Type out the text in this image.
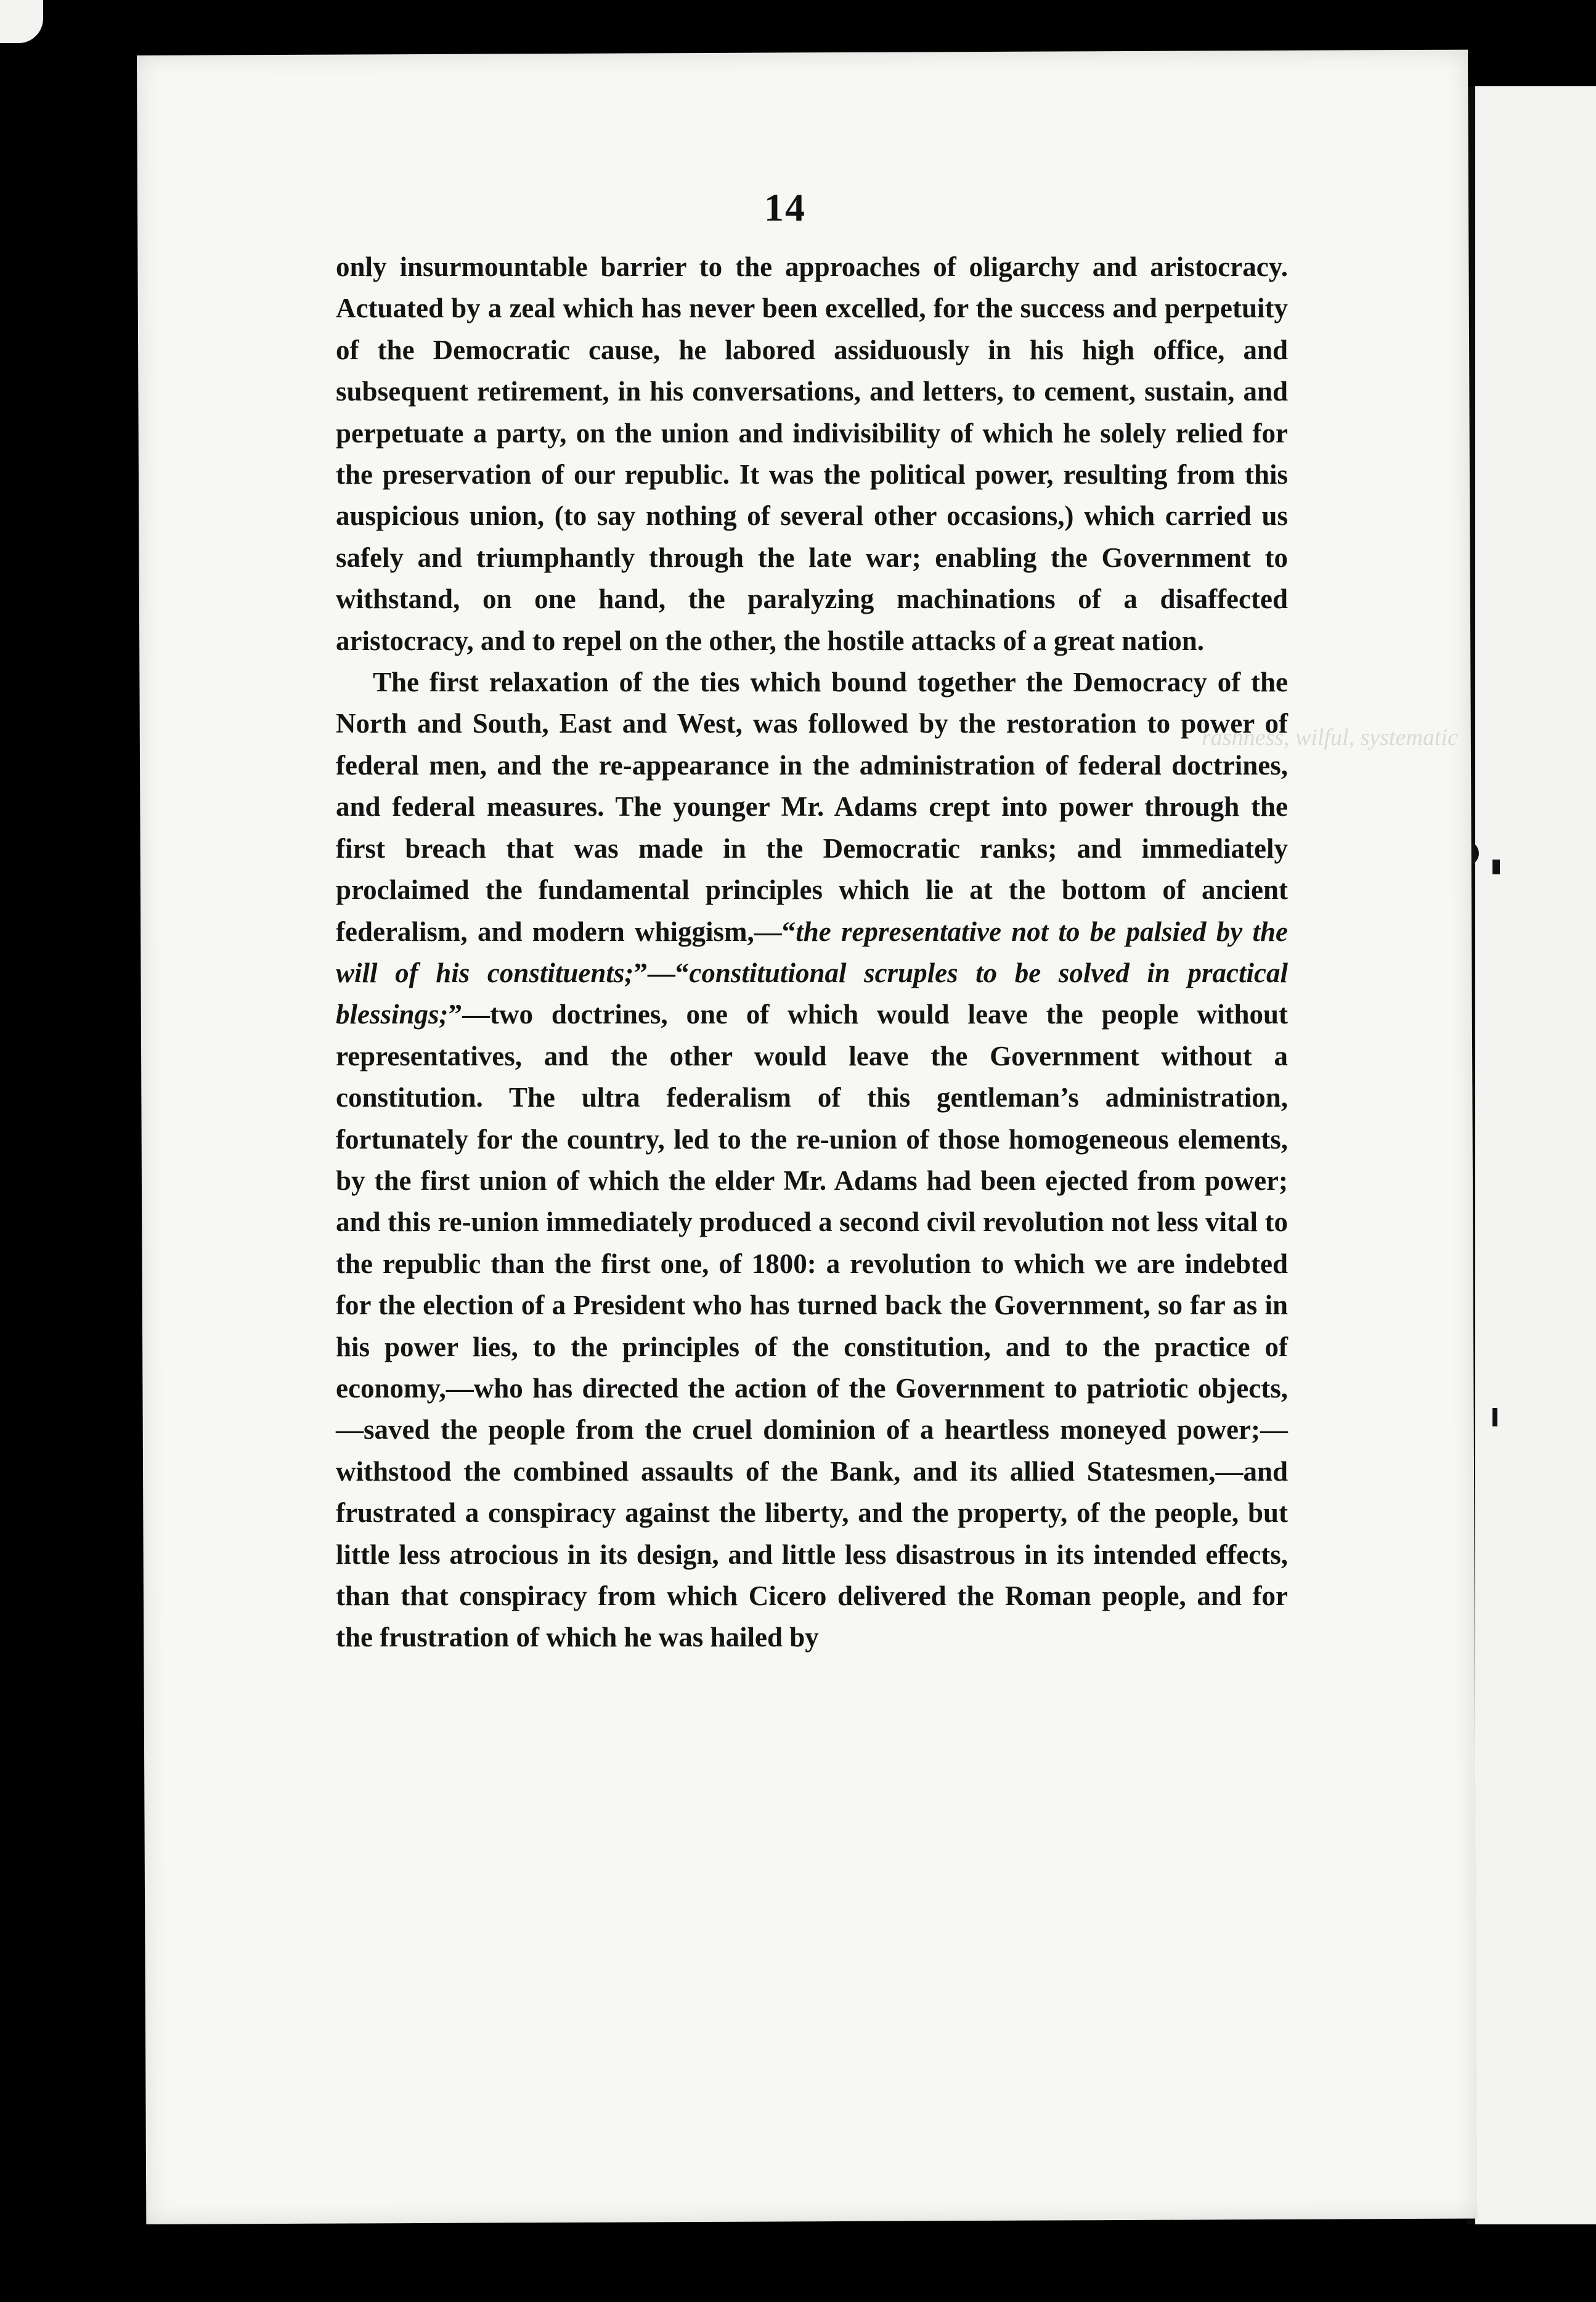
rashness, wilful, systematic
14

only insurmountable barrier to the approaches of oligarchy and aristocracy. Actuated by a zeal which has never been excelled, for the success and perpetuity of the Democratic cause, he labored assiduously in his high office, and subsequent retirement, in his conversations, and letters, to cement, sustain, and perpetuate a party, on the union and indivisibility of which he solely relied for the preservation of our republic. It was the political power, resulting from this auspicious union, (to say nothing of several other occasions,) which carried us safely and triumphantly through the late war; enabling the Government to withstand, on one hand, the paralyzing machinations of a disaffected aristocracy, and to repel on the other, the hostile attacks of a great nation.

The first relaxation of the ties which bound together the Democracy of the North and South, East and West, was followed by the restoration to power of federal men, and the re-appearance in the administration of federal doctrines, and federal measures. The younger Mr. Adams crept into power through the first breach that was made in the Democratic ranks; and immediately proclaimed the fundamental principles which lie at the bottom of ancient federalism, and modern whiggism,—“the representative not to be palsied by the will of his constituents;”—“constitutional scruples to be solved in practical blessings;”—two doctrines, one of which would leave the people without representatives, and the other would leave the Government without a constitution. The ultra federalism of this gentleman’s administration, fortunately for the country, led to the re-union of those homogeneous elements, by the first union of which the elder Mr. Adams had been ejected from power; and this re-union immediately produced a second civil revolution not less vital to the republic than the first one, of 1800: a revolution to which we are indebted for the election of a President who has turned back the Government, so far as in his power lies, to the principles of the constitution, and to the practice of economy,—who has directed the action of the Government to patriotic objects,—saved the people from the cruel dominion of a heartless moneyed power;—withstood the combined assaults of the Bank, and its allied Statesmen,—and frustrated a conspiracy against the liberty, and the property, of the people, but little less atrocious in its design, and little less disastrous in its intended effects, than that conspiracy from which Cicero delivered the Roman people, and for the frustration of which he was hailed by
